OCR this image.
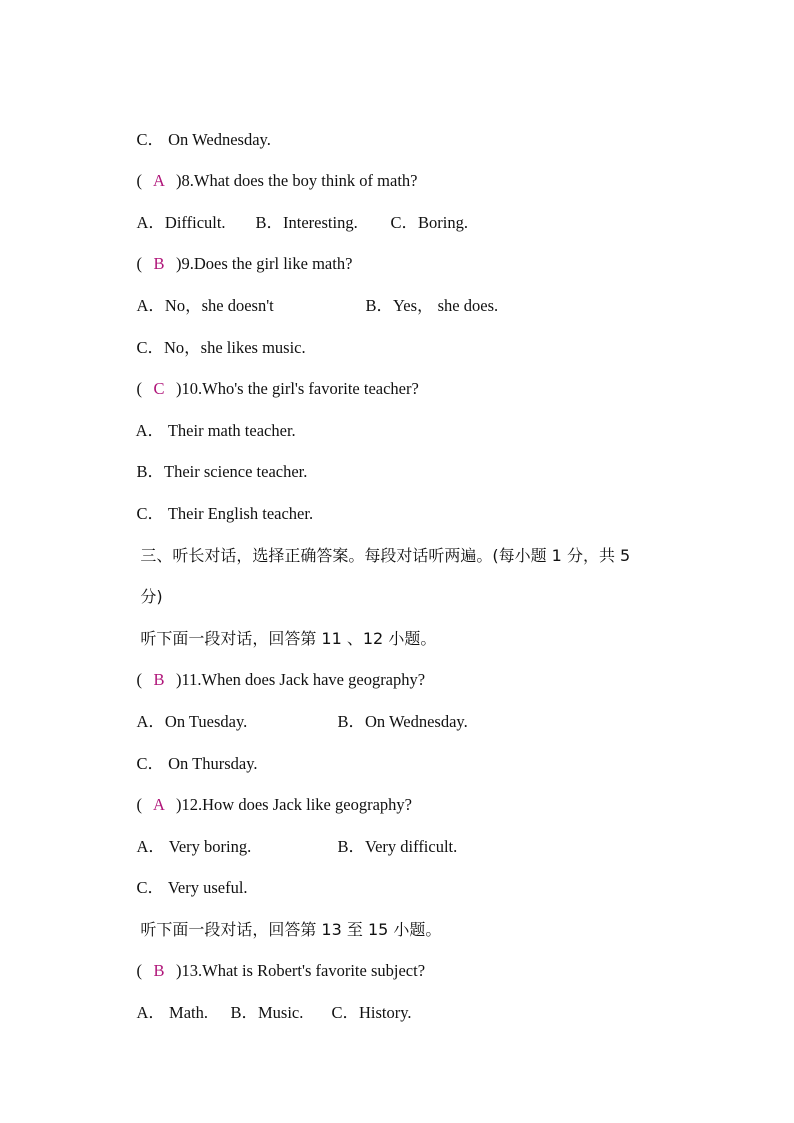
C． On Wednesday.

( A )8.What does the boy think of math?

A．Difficult. B．Interesting. C．Boring.

( B )9.Does the girl like math?

A．No，she doesn't	B．Yes， she does.

C．No，she likes music.

( C )10.Who's the girl's favorite teacher?

A． Their math teacher.

B．Their science teacher.

C． Their English teacher.

三、听长对话，选择正确答案。每段对话听两遍。(每小题 1 分，共 5

分)

听下面一段对话，回答第 11 、12 小题。

( B )11.When does Jack have geography?

A．On Tuesday.	B．On Wednesday.

C． On Thursday.

( A )12.How does Jack like geography?

A． Very boring.	B．Very difficult.

C． Very useful.

听下面一段对话，回答第 13 至 15 小题。

( B )13.What is Robert's favorite subject?

A． Math. B．Music. C．History.
